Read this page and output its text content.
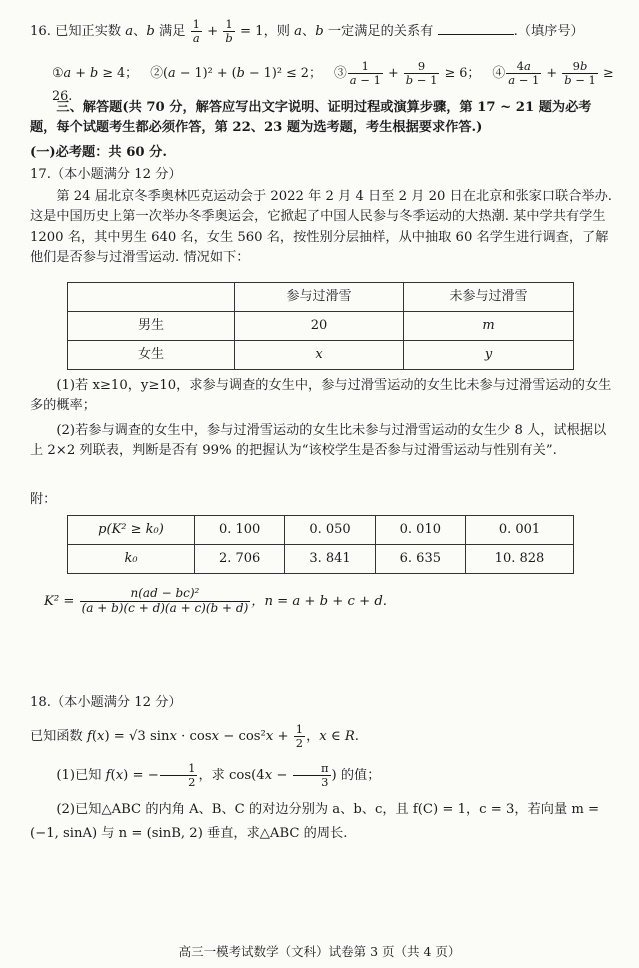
16. 已知正实数 a、b 满足 $\frac{1}{a} + \frac{1}{b} = 1$，则 a、b 一定满足的关系有	.（填序号）
①a + b ≥ 4； ②(a − 1)² + (b − 1)² ≤ 2； ③ $\frac{1}{a - 1} + \frac{9}{b - 1} \ge 6$； ④ $\frac{4a}{a - 1} + \frac{9b}{b - 1} \ge 26$.
三、解答题(共 70 分，解答应写出文字说明、证明过程或演算步骤，第 17 ~ 21 题为必考题，每个试题考生都必须作答，第 22、23 题为选考题，考生根据要求作答.)
(一)必考题：共 60 分.
17.（本小题满分 12 分）
第 24 届北京冬季奥林匹克运动会于 2022 年 2 月 4 日至 2 月 20 日在北京和张家口联合举办. 这是中国历史上第一次举办冬季奥运会，它掀起了中国人民参与冬季运动的大热潮. 某中学共有学生 1200 名，其中男生 640 名，女生 560 名，按性别分层抽样，从中抽取 60 名学生进行调查，了解他们是否参与过滑雪运动. 情况如下：
	参与过滑雪	未参与过滑雪
男生	20	m
女生	x	y
(1)若 x≥10，y≥10，求参与调查的女生中，参与过滑雪运动的女生比未参与过滑雪运动的女生多的概率；
(2)若参与调查的女生中，参与过滑雪运动的女生比未参与过滑雪运动的女生少 8 人，试根据以上 2×2 列联表，判断是否有 99% 的把握认为“该校学生是否参与过滑雪运动与性别有关”.
附：
p(K² ≥ k₀)	0. 100	0. 050	0. 010	0. 001
k₀	2. 706	3. 841	6. 635	10. 828
$K^2 = \frac{\text{n(ad − bc)²}}{(a + b)(c + d)(a + c)(b + d)}$ ，n = a + b + c + d.
18.（本小题满分 12 分）
已知函数 f(x) = √3 $\sin x \cdot \cos x - \cos^2x + \frac{1}{2}$ ，x ∈ R.
(1)已知 f(x) = − $\frac{1}{2}$ ，求 $\cos(4x - \frac{\pi}{3}$ ) 的值；
(2)已知△ABC 的内角 A、B、C 的对边分别为 a、b、c，且 f(C) = 1，c = 3，若向量 m =
(−1, sinA) 与 n = (sinB, 2) 垂直，求△ABC 的周长.
高三一模考试数学（文科）试卷第 3 页（共 4 页）
